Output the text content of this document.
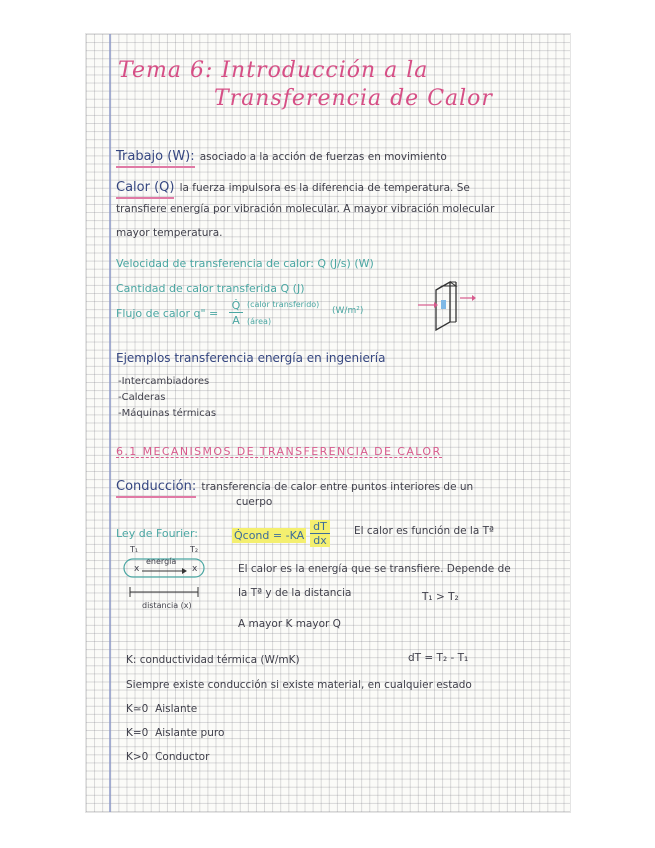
Tema 6: Introducción a la
Transferencia de Calor
Trabajo (W): asociado a la acción de fuerzas en movimiento
Calor (Q) la fuerza impulsora es la diferencia de temperatura. Se
transfiere energía por vibración molecular. A mayor vibración molecular
mayor temperatura.
Velocidad de transferencia de calor: Q (J/s) (W)
Cantidad de calor transferida Q (J)
Flujo de calor q" = $\frac{Q̇}{A}$ (calor transferido)
(área)
(W/m²)
Ejemplos transferencia energía en ingeniería
-Intercambiadores
-Calderas
-Máquinas térmicas
6.1 MECANISMOS DE TRANSFERENCIA DE CALOR
Conducción: transferencia de calor entre puntos interiores de un
cuerpo
Ley de Fourier:	Q̇cond = $-KA \frac{dT}{dx}$ El calor es función de la Tª
T₁	T₂
x
energía
x
distancia (x)
El calor es la energía que se transfiere. Depende de
la Tª y de la distancia	T₁ > T₂
A mayor K mayor Q
K: conductividad térmica (W/mK)	dT = T₂ - T₁
Siempre existe conducción si existe material, en cualquier estado
K≃0 Aislante
K=0 Aislante puro
K>0 Conductor
